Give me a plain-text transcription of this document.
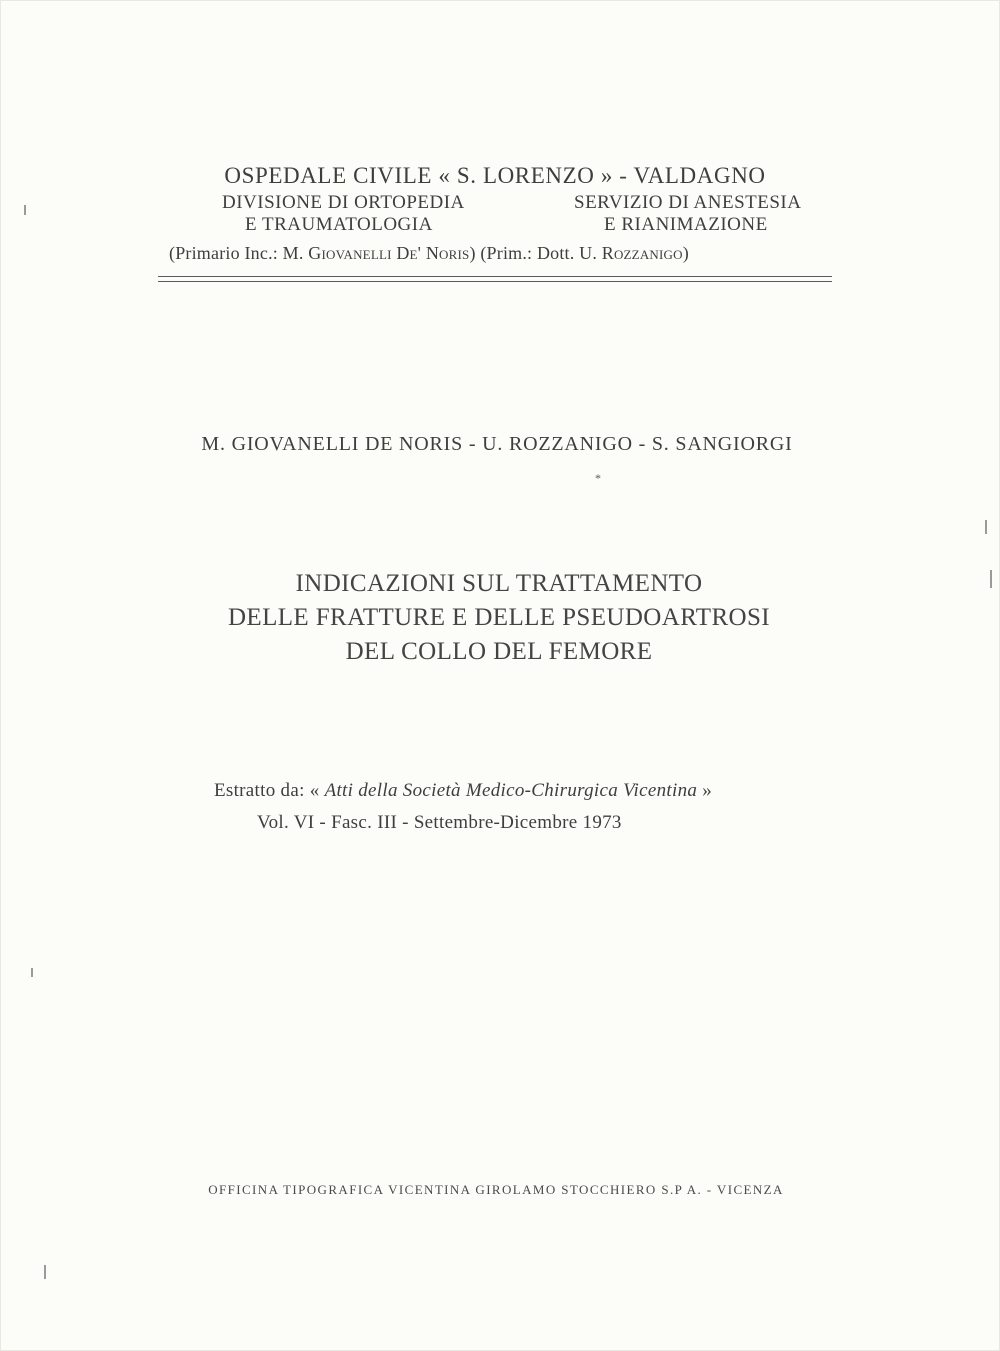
OSPEDALE CIVILE « S. LORENZO » - VALDAGNO
DIVISIONE DI ORTOPEDIA
E TRAUMATOLOGIA
SERVIZIO DI ANESTESIA
E RIANIMAZIONE
(Primario Inc.: M. Giovanelli De' Noris) (Prim.: Dott. U. Rozzanigo)
M. GIOVANELLI DE NORIS - U. ROZZANIGO - S. SANGIORGI
*
INDICAZIONI SUL TRATTAMENTO
DELLE FRATTURE E DELLE PSEUDOARTROSI
DEL COLLO DEL FEMORE
Estratto da: « Atti della Società Medico-Chirurgica Vicentina »
Vol. VI - Fasc. III - Settembre-Dicembre 1973
OFFICINA TIPOGRAFICA VICENTINA GIROLAMO STOCCHIERO S.P A. - VICENZA
